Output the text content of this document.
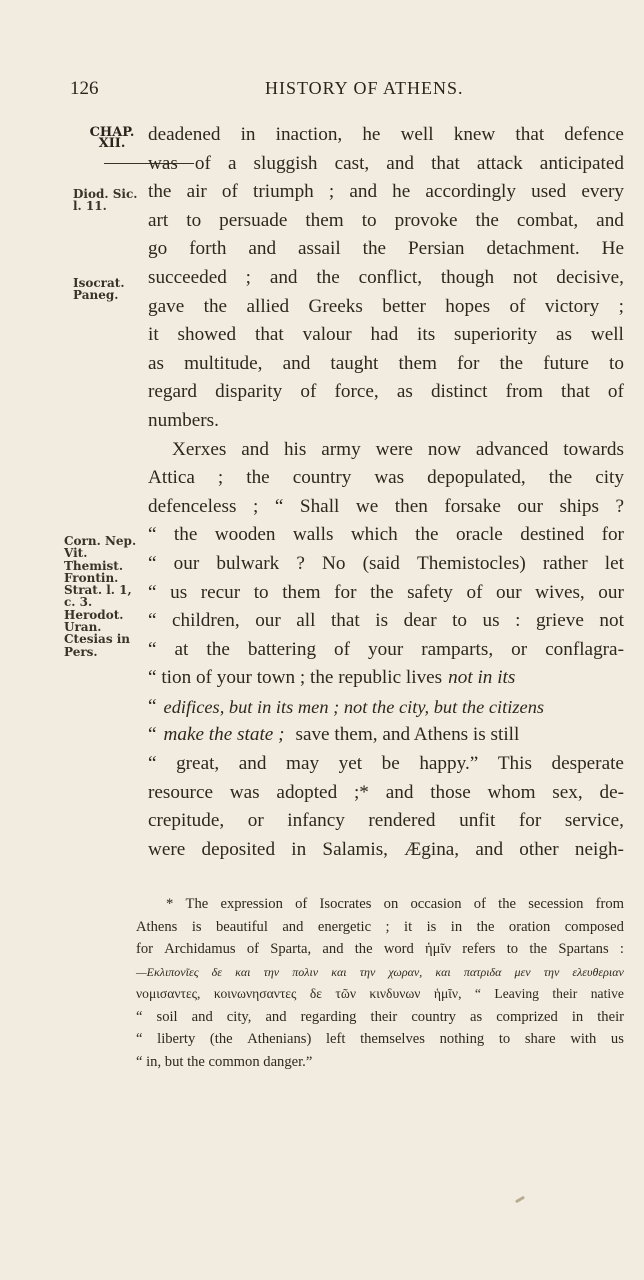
126	HISTORY OF ATHENS.
CHAP.
XII.
Diod. Sic.
l. 11.
Isocrat.
Paneg.
Corn. Nep.
Vit.
Themist.
Frontin.
Strat. l. 1,
c. 3.
Herodot.
Uran.
Ctesias in
Pers.
deadened in inaction, he well knew that defence
was of a sluggish cast, and that attack anticipated
the air of triumph ; and he accordingly used every
art to persuade them to provoke the combat, and
go forth and assail the Persian detachment. He
succeeded ; and the conflict, though not decisive,
gave the allied Greeks better hopes of victory ;
it showed that valour had its superiority as well
as multitude, and taught them for the future to
regard disparity of force, as distinct from that of
numbers.
Xerxes and his army were now advanced towards
Attica ; the country was depopulated, the city
defenceless ; “ Shall we then forsake our ships ?
“ the wooden walls which the oracle destined for
“ our bulwark ? No (said Themistocles) rather let
“ us recur to them for the safety of our wives, our
“ children, our all that is dear to us : grieve not
“ at the battering of your ramparts, or conflagra-
“ tion of your town ; the republic lives not in its
“ edifices, but in its men ; not the city, but the citizens
“ make the state ; save them, and Athens is still
“ great, and may yet be happy.” This desperate
resource was adopted ;* and those whom sex, de-
crepitude, or infancy rendered unfit for service,
were deposited in Salamis, Ægina, and other neigh-
* The expression of Isocrates on occasion of the secession from
Athens is beautiful and energetic ; it is in the oration composed
for Archidamus of Sparta, and the word ἡμῖν refers to the Spartans :
—Εκλιπονῖες δε και την πολιν και την χωραν, και πατριδα μεν την ελευθεριαν
νομισαντες, κοινωνησαντες δε τῶν κινδυνων ἡμῖν, “ Leaving their native
“ soil and city, and regarding their country as comprized in their
“ liberty (the Athenians) left themselves nothing to share with us
“ in, but the common danger.”
